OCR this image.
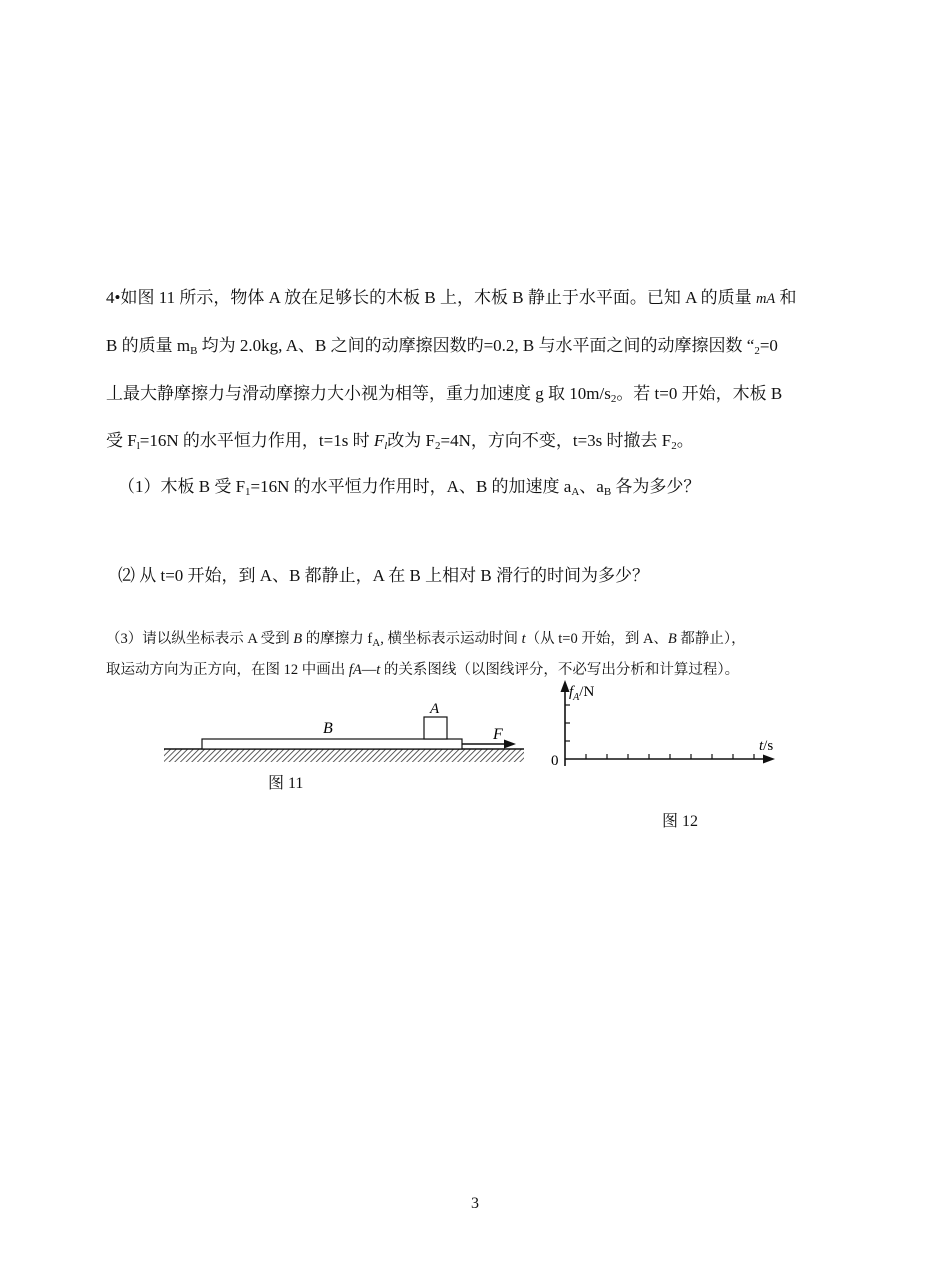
4•如图 11 所示，物体 A 放在足够长的木板 B 上，木板 B 静止于水平面。已知 A 的质量 mA 和
B 的质量 $m_B$ 均为 2.0kg, A、B 之间的动摩擦因数旳=0.2, B 与水平面之间的动摩擦因数 “$_2=0$
丄最大静摩擦力与滑动摩擦力大小视为相等，重力加速度 g 取 $10m/s_2$。若 t=0 开始，木板 B
受 $F_l=16N$ 的水平恒力作用，t=1s 时 $F_l$改为 $F_2=4N$，方向不变，t=3s 时撤去 $F_2$。
（1）木板 B 受 $F_1=16N$ 的水平恒力作用时，A、B 的加速度 $a_A$、$a_B$ 各为多少？
⑵ 从 t=0 开始，到 A、B 都静止，A 在 B 上相对 B 滑行的时间为多少？
（3）请以纵坐标表示 A 受到 B 的摩擦力 $f_A$, 横坐标表示运动时间 t（从 t=0 开始，到 A、B 都静止），
取运动方向为正方向，在图 12 中画出 fA—t 的关系图线（以图线评分，不必写出分析和计算过程）。
B
A
F
图 11
$f_A/N$
t/s
0
图 12
3
